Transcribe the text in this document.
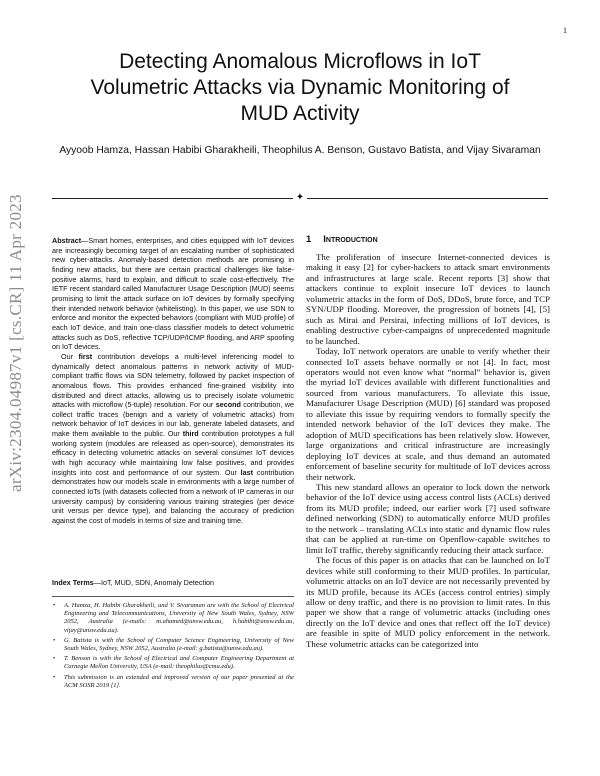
1
arXiv:2304.04987v1 [cs.CR] 11 Apr 2023
Detecting Anomalous Microflows in IoT Volumetric Attacks via Dynamic Monitoring of MUD Activity
Ayyoob Hamza, Hassan Habibi Gharakheili, Theophilus A. Benson, Gustavo Batista, and Vijay Sivaraman
✦

Abstract—Smart homes, enterprises, and cities equipped with IoT devices are increasingly becoming target of an escalating number of sophisticated new cyber-attacks. Anomaly-based detection methods are promising in finding new attacks, but there are certain practical challenges like false-positive alarms, hard to explain, and difficult to scale cost-effectively. The IETF recent standard called Manufacturer Usage Description (MUD) seems promising to limit the attack surface on IoT devices by formally specifying their intended network behavior (whitelisting). In this paper, we use SDN to enforce and monitor the expected behaviors (compliant with MUD profile) of each IoT device, and train one-class classifier models to detect volumetric attacks such as DoS, reflective TCP/UDP/ICMP flooding, and ARP spoofing on IoT devices.

Our first contribution develops a multi-level inferencing model to dynamically detect anomalous patterns in network activity of MUD-compliant traffic flows via SDN telemetry, followed by packet inspection of anomalous flows. This provides enhanced fine-grained visibility into distributed and direct attacks, allowing us to precisely isolate volumetric attacks with microflow (5-tuple) resolution. For our second contribution, we collect traffic traces (benign and a variety of volumetric attacks) from network behavior of IoT devices in our lab, generate labeled datasets, and make them available to the public. Our third contribution prototypes a full working system (modules are released as open-source), demonstrates its efficacy in detecting volumetric attacks on several consumer IoT devices with high accuracy while maintaining low false positives, and provides insights into cost and performance of our system. Our last contribution demonstrates how our models scale in environments with a large number of connected IoTs (with datasets collected from a network of IP cameras in our university campus) by considering various training strategies (per device unit versus per device type), and balancing the accuracy of prediction against the cost of models in terms of size and training time.

Index Terms—IoT, MUD, SDN, Anomaly Detection
• A. Hamza, H. Habibi Gharakheili, and V. Sivaraman are with the School of Electrical Engineering and Telecommunications, University of New South Wales, Sydney, NSW 2052, Australia (e-mails: m.ahamed@unsw.edu.au, h.habibi@unsw.edu.au, vijay@unsw.edu.au).
• G. Batista is with the School of Computer Science Engineering, University of New South Wales, Sydney, NSW 2052, Australia (e-mail: g.batista@unsw.edu.au).
• T. Benson is with the School of Electrical and Computer Engineering Department at Carnegie Mellon University, USA (e-mail: theophilus@cmu.edu).
• This submission is an extended and improved version of our paper presented at the ACM SOSR 2019 [1].
1 Introduction

The proliferation of insecure Internet-connected devices is making it easy [2] for cyber-hackers to attack smart environments and infrastructures at large scale. Recent reports [3] show that attackers continue to exploit insecure IoT devices to launch volumetric attacks in the form of DoS, DDoS, brute force, and TCP SYN/UDP flooding. Moreover, the progression of botnets [4], [5] such as Mirai and Persirai, infecting millions of IoT devices, is enabling destructive cyber-campaigns of unprecedented magnitude to be launched.

Today, IoT network operators are unable to verify whether their connected IoT assets behave normally or not [4]. In fact, most operators would not even know what “normal” behavior is, given the myriad IoT devices available with different functionalities and sourced from various manufacturers. To alleviate this issue, Manufacturer Usage Description (MUD) [6] standard was proposed to alleviate this issue by requiring vendors to formally specify the intended network behavior of the IoT devices they make. The adoption of MUD specifications has been relatively slow. However, large organizations and critical infrastructure are increasingly deploying IoT devices at scale, and thus demand an automated enforcement of baseline security for multitude of IoT devices across their network.

This new standard allows an operator to lock down the network behavior of the IoT device using access control lists (ACLs) derived from its MUD profile; indeed, our earlier work [7] used software defined networking (SDN) to automatically enforce MUD profiles to the network – translating ACLs into static and dynamic flow rules that can be applied at run-time on Openflow-capable switches to limit IoT traffic, thereby significantly reducing their attack surface.

The focus of this paper is on attacks that can be launched on IoT devices while still conforming to their MUD profiles. In particular, volumetric attacks on an IoT device are not necessarily prevented by its MUD profile, because its ACEs (access control entries) simply allow or deny traffic, and there is no provision to limit rates. In this paper we show that a range of volumetric attacks (including ones directly on the IoT device and ones that reflect off the IoT device) are feasible in spite of MUD policy enforcement in the network. These volumetric attacks can be categorized into
